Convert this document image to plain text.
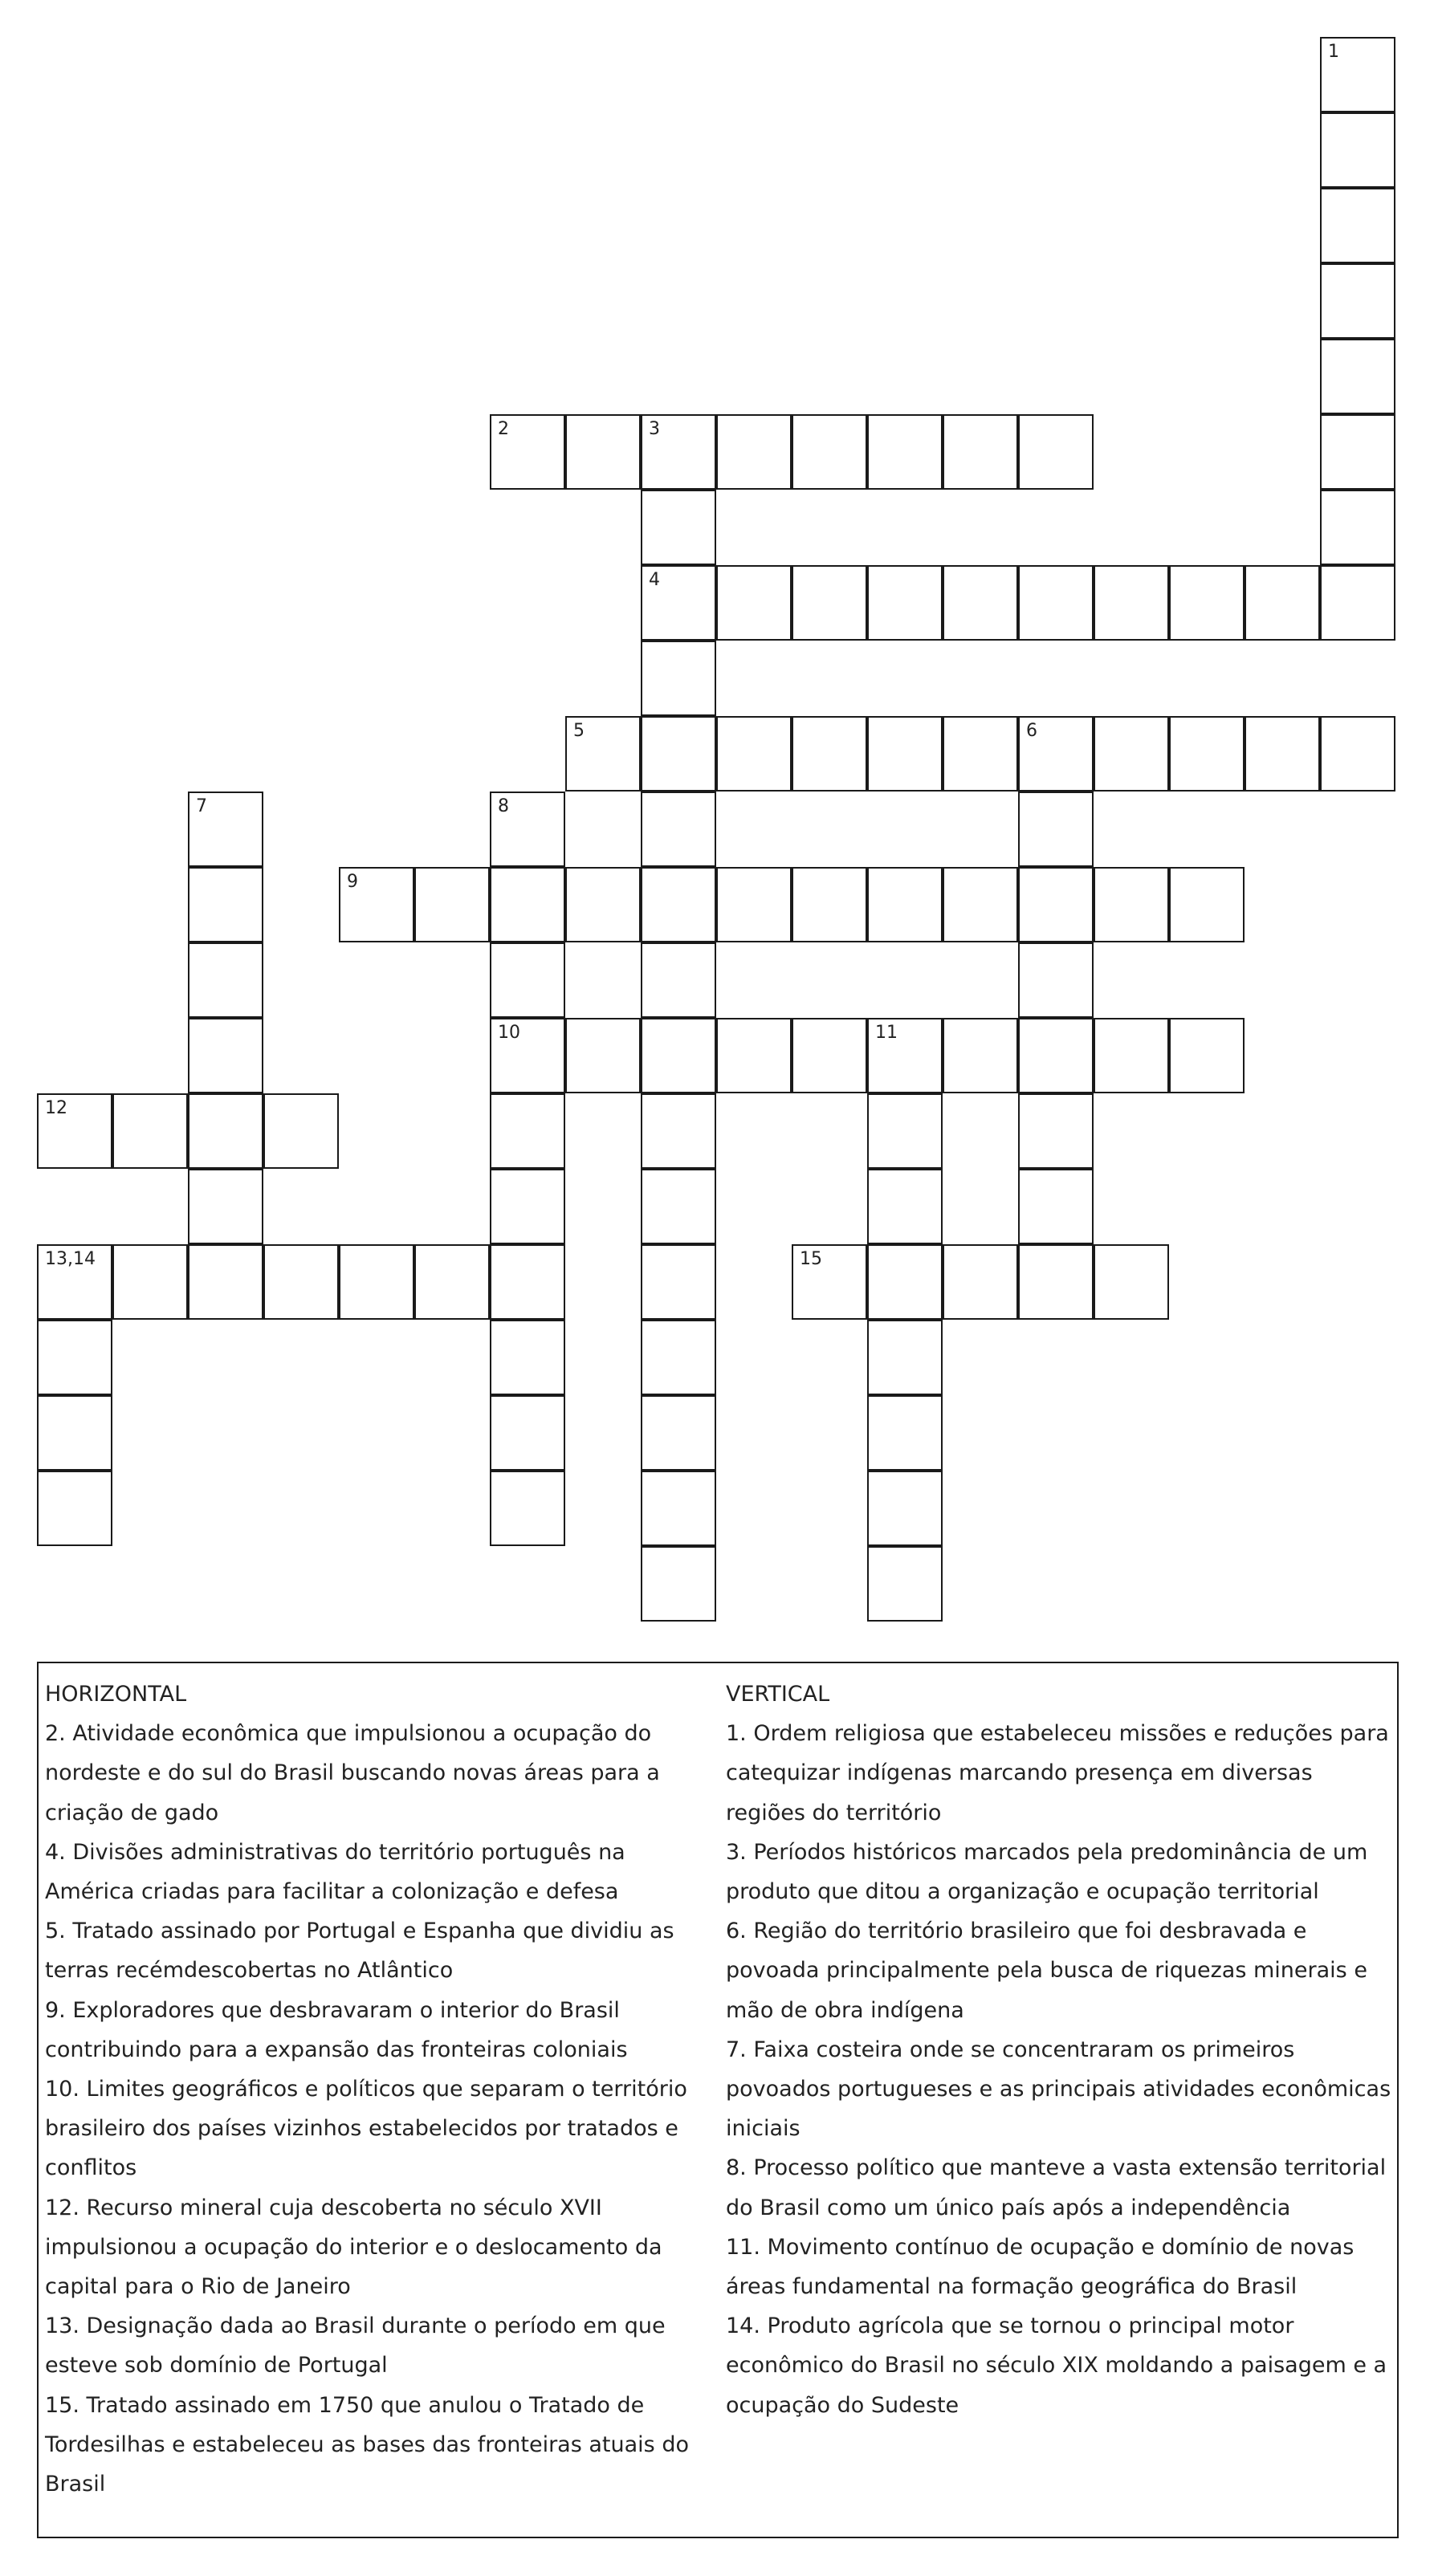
1
2	3
4
5	6
7	8
10
9
11
12
13,14	15

HORIZONTAL

2. Atividade econômica que impulsionou a ocupação do nordeste e do sul do Brasil buscando novas áreas para a criação de gado

4. Divisões administrativas do território português na América criadas para facilitar a colonização e defesa

5. Tratado assinado por Portugal e Espanha que dividiu as terras recémdescobertas no Atlântico

9. Exploradores que desbravaram o interior do Brasil contribuindo para a expansão das fronteiras coloniais

10. Limites geográficos e políticos que separam o território brasileiro dos países vizinhos estabelecidos por tratados e conflitos

12. Recurso mineral cuja descoberta no século XVII impulsionou a ocupação do interior e o deslocamento da capital para o Rio de Janeiro

13. Designação dada ao Brasil durante o período em que esteve sob domínio de Portugal

15. Tratado assinado em 1750 que anulou o Tratado de Tordesilhas e estabeleceu as bases das fronteiras atuais do Brasil

VERTICAL

1. Ordem religiosa que estabeleceu missões e reduções para catequizar indígenas marcando presença em diversas regiões do território

3. Períodos históricos marcados pela predominância de um produto que ditou a organização e ocupação territorial

6. Região do território brasileiro que foi desbravada e povoada principalmente pela busca de riquezas minerais e mão de obra indígena

7. Faixa costeira onde se concentraram os primeiros povoados portugueses e as principais atividades econômicas iniciais

8. Processo político que manteve a vasta extensão territorial do Brasil como um único país após a independência

11. Movimento contínuo de ocupação e domínio de novas áreas fundamental na formação geográfica do Brasil

14. Produto agrícola que se tornou o principal motor econômico do Brasil no século XIX moldando a paisagem e a ocupação do Sudeste
